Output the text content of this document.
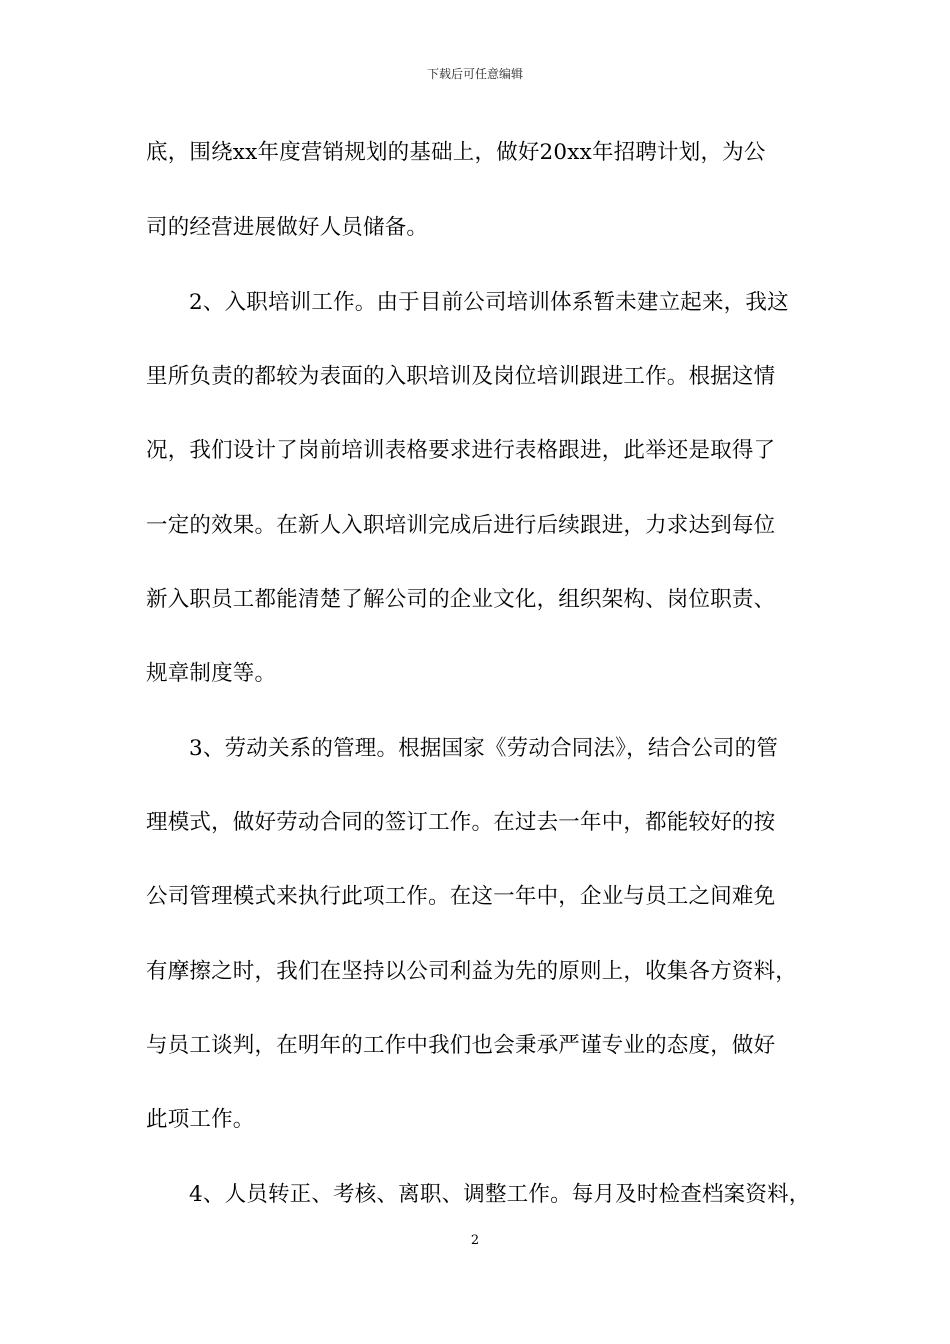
下载后可任意编辑
底，围绕xx年度营销规划的基础上，做好20xx年招聘计划，为公
司的经营进展做好人员储备。
2、入职培训工作。由于目前公司培训体系暂未建立起来，我这
里所负责的都较为表面的入职培训及岗位培训跟进工作。根据这情
况，我们设计了岗前培训表格要求进行表格跟进，此举还是取得了
一定的效果。在新人入职培训完成后进行后续跟进，力求达到每位
新入职员工都能清楚了解公司的企业文化，组织架构、岗位职责、
规章制度等。
3、劳动关系的管理。根据国家《劳动合同法》，结合公司的管
理模式，做好劳动合同的签订工作。在过去一年中，都能较好的按
公司管理模式来执行此项工作。在这一年中，企业与员工之间难免
有摩擦之时，我们在坚持以公司利益为先的原则上，收集各方资料，
与员工谈判，在明年的工作中我们也会秉承严谨专业的态度，做好
此项工作。
4、人员转正、考核、离职、调整工作。每月及时检查档案资料，
2
